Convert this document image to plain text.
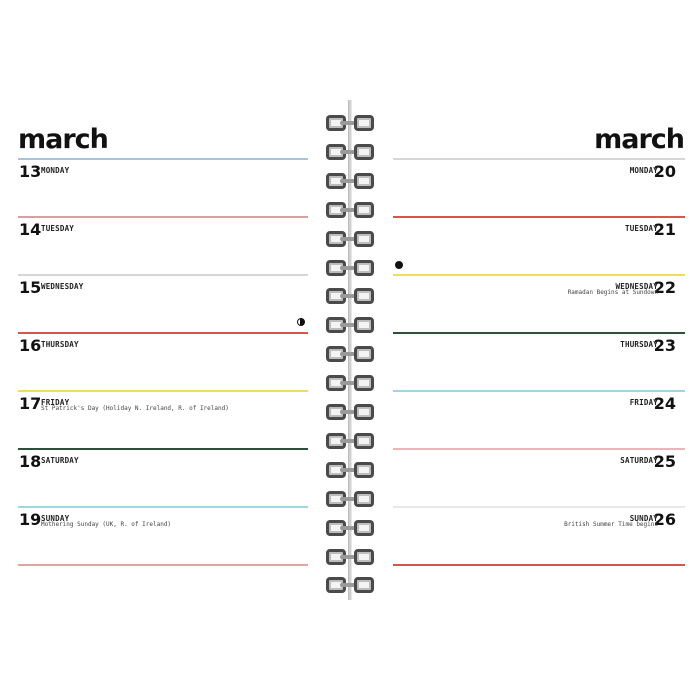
march
13 MONDAY
14 TUESDAY
15 WEDNESDAY
16 THURSDAY
17 FRIDAY
St Patrick's Day (Holiday N. Ireland, R. of Ireland)
18 SATURDAY
19 SUNDAY
Mothering Sunday (UK, R. of Ireland)
march
20
MONDAY
21
TUESDAY
22
WEDNESDAY
Ramadan Begins at Sundown
23
THURSDAY
24
FRIDAY
25
SATURDAY
26
SUNDAY
British Summer Time begins
